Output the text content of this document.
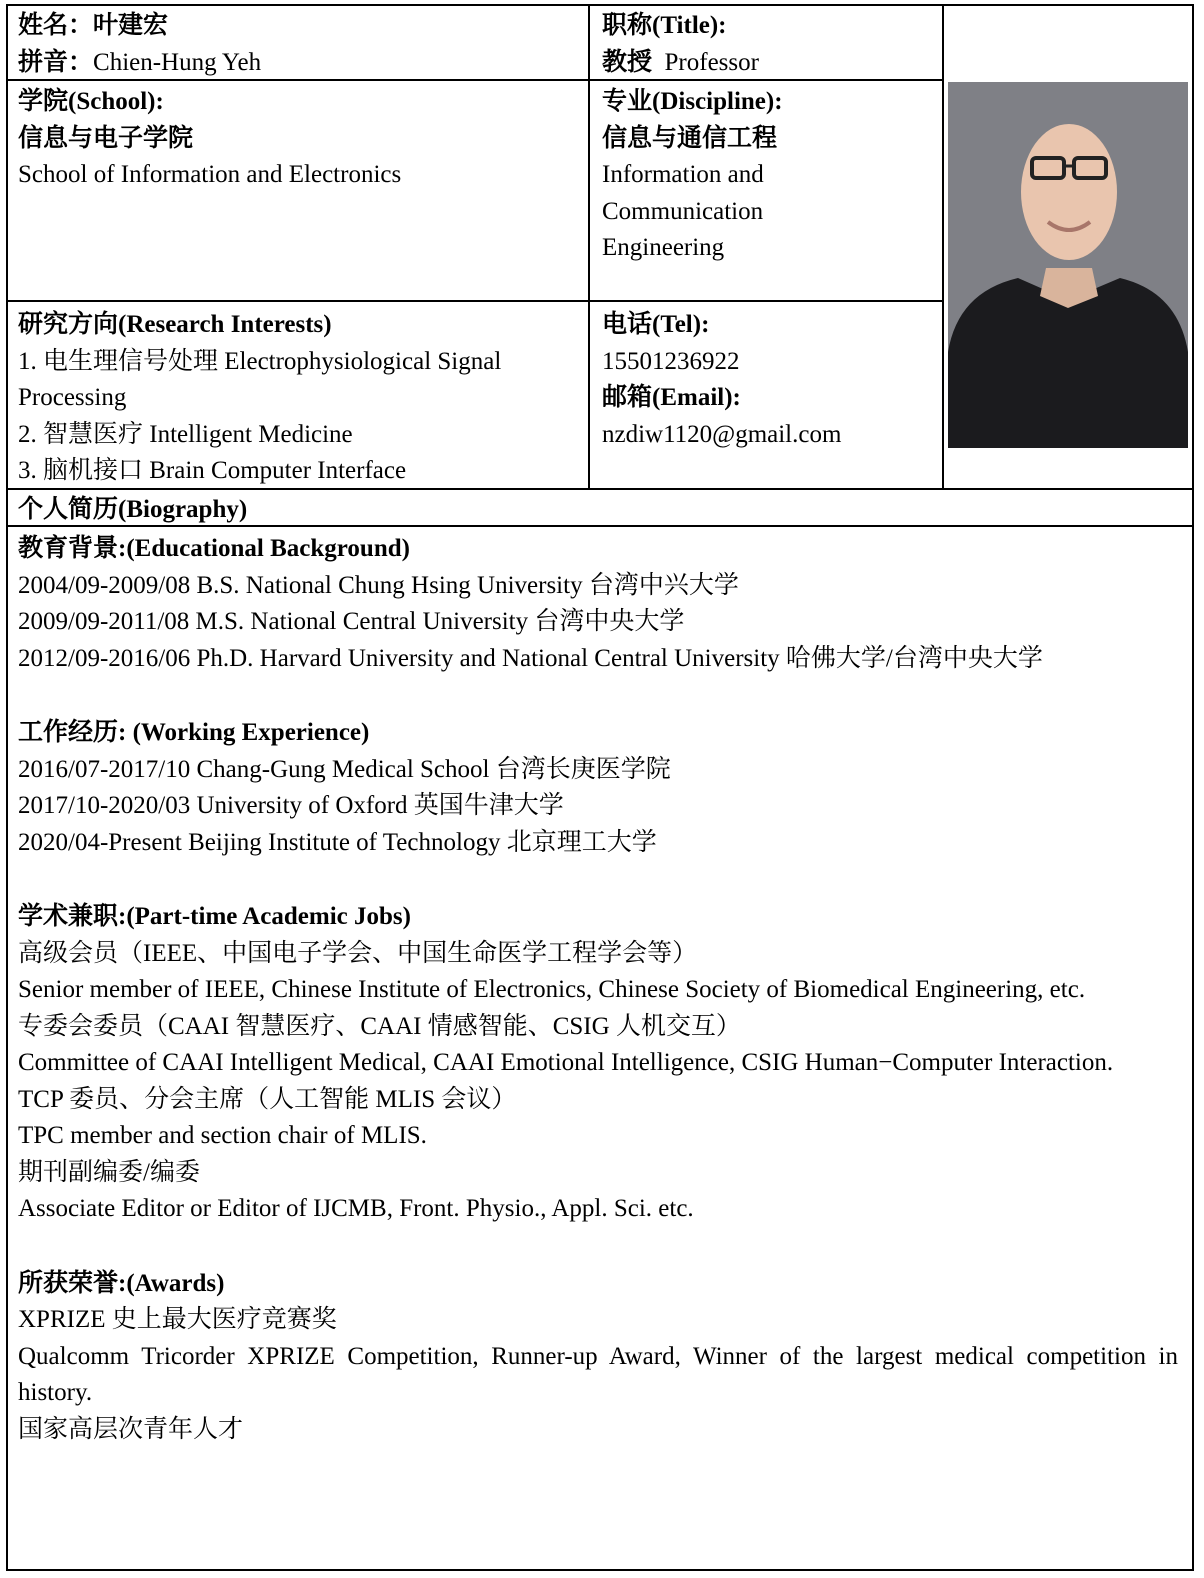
姓名：叶建宏
拼音：Chien-Hung Yeh
职称(Title):
教授 Professor
学院(School):
信息与电子学院
School of Information and Electronics
专业(Discipline):
信息与通信工程
Information and
Communication
Engineering
研究方向(Research Interests)
1. 电生理信号处理 Electrophysiological Signal
Processing
2. 智慧医疗 Intelligent Medicine
3. 脑机接口 Brain Computer Interface
电话(Tel):
15501236922
邮箱(Email):
nzdiw1120@gmail.com
个人简历(Biography)
教育背景:(Educational Background)
2004/09-2009/08 B.S. National Chung Hsing University 台湾中兴大学
2009/09-2011/08 M.S. National Central University 台湾中央大学
2012/09-2016/06 Ph.D. Harvard University and National Central University 哈佛大学/台湾中央大学
工作经历: (Working Experience)
2016/07-2017/10 Chang-Gung Medical School 台湾长庚医学院
2017/10-2020/03 University of Oxford 英国牛津大学
2020/04-Present Beijing Institute of Technology 北京理工大学
学术兼职:(Part-time Academic Jobs)
高级会员（IEEE、中国电子学会、中国生命医学工程学会等）
Senior member of IEEE, Chinese Institute of Electronics, Chinese Society of Biomedical Engineering, etc.
专委会委员（CAAI 智慧医疗、CAAI 情感智能、CSIG 人机交互）
Committee of CAAI Intelligent Medical, CAAI Emotional Intelligence, CSIG Human−Computer Interaction.
TCP 委员、分会主席（人工智能 MLIS 会议）
TPC member and section chair of MLIS.
期刊副编委/编委
Associate Editor or Editor of IJCMB, Front. Physio., Appl. Sci. etc.
所获荣誉:(Awards)
XPRIZE 史上最大医疗竞赛奖
Qualcomm Tricorder XPRIZE Competition, Runner-up Award, Winner of the largest medical competition in history.
国家高层次青年人才
